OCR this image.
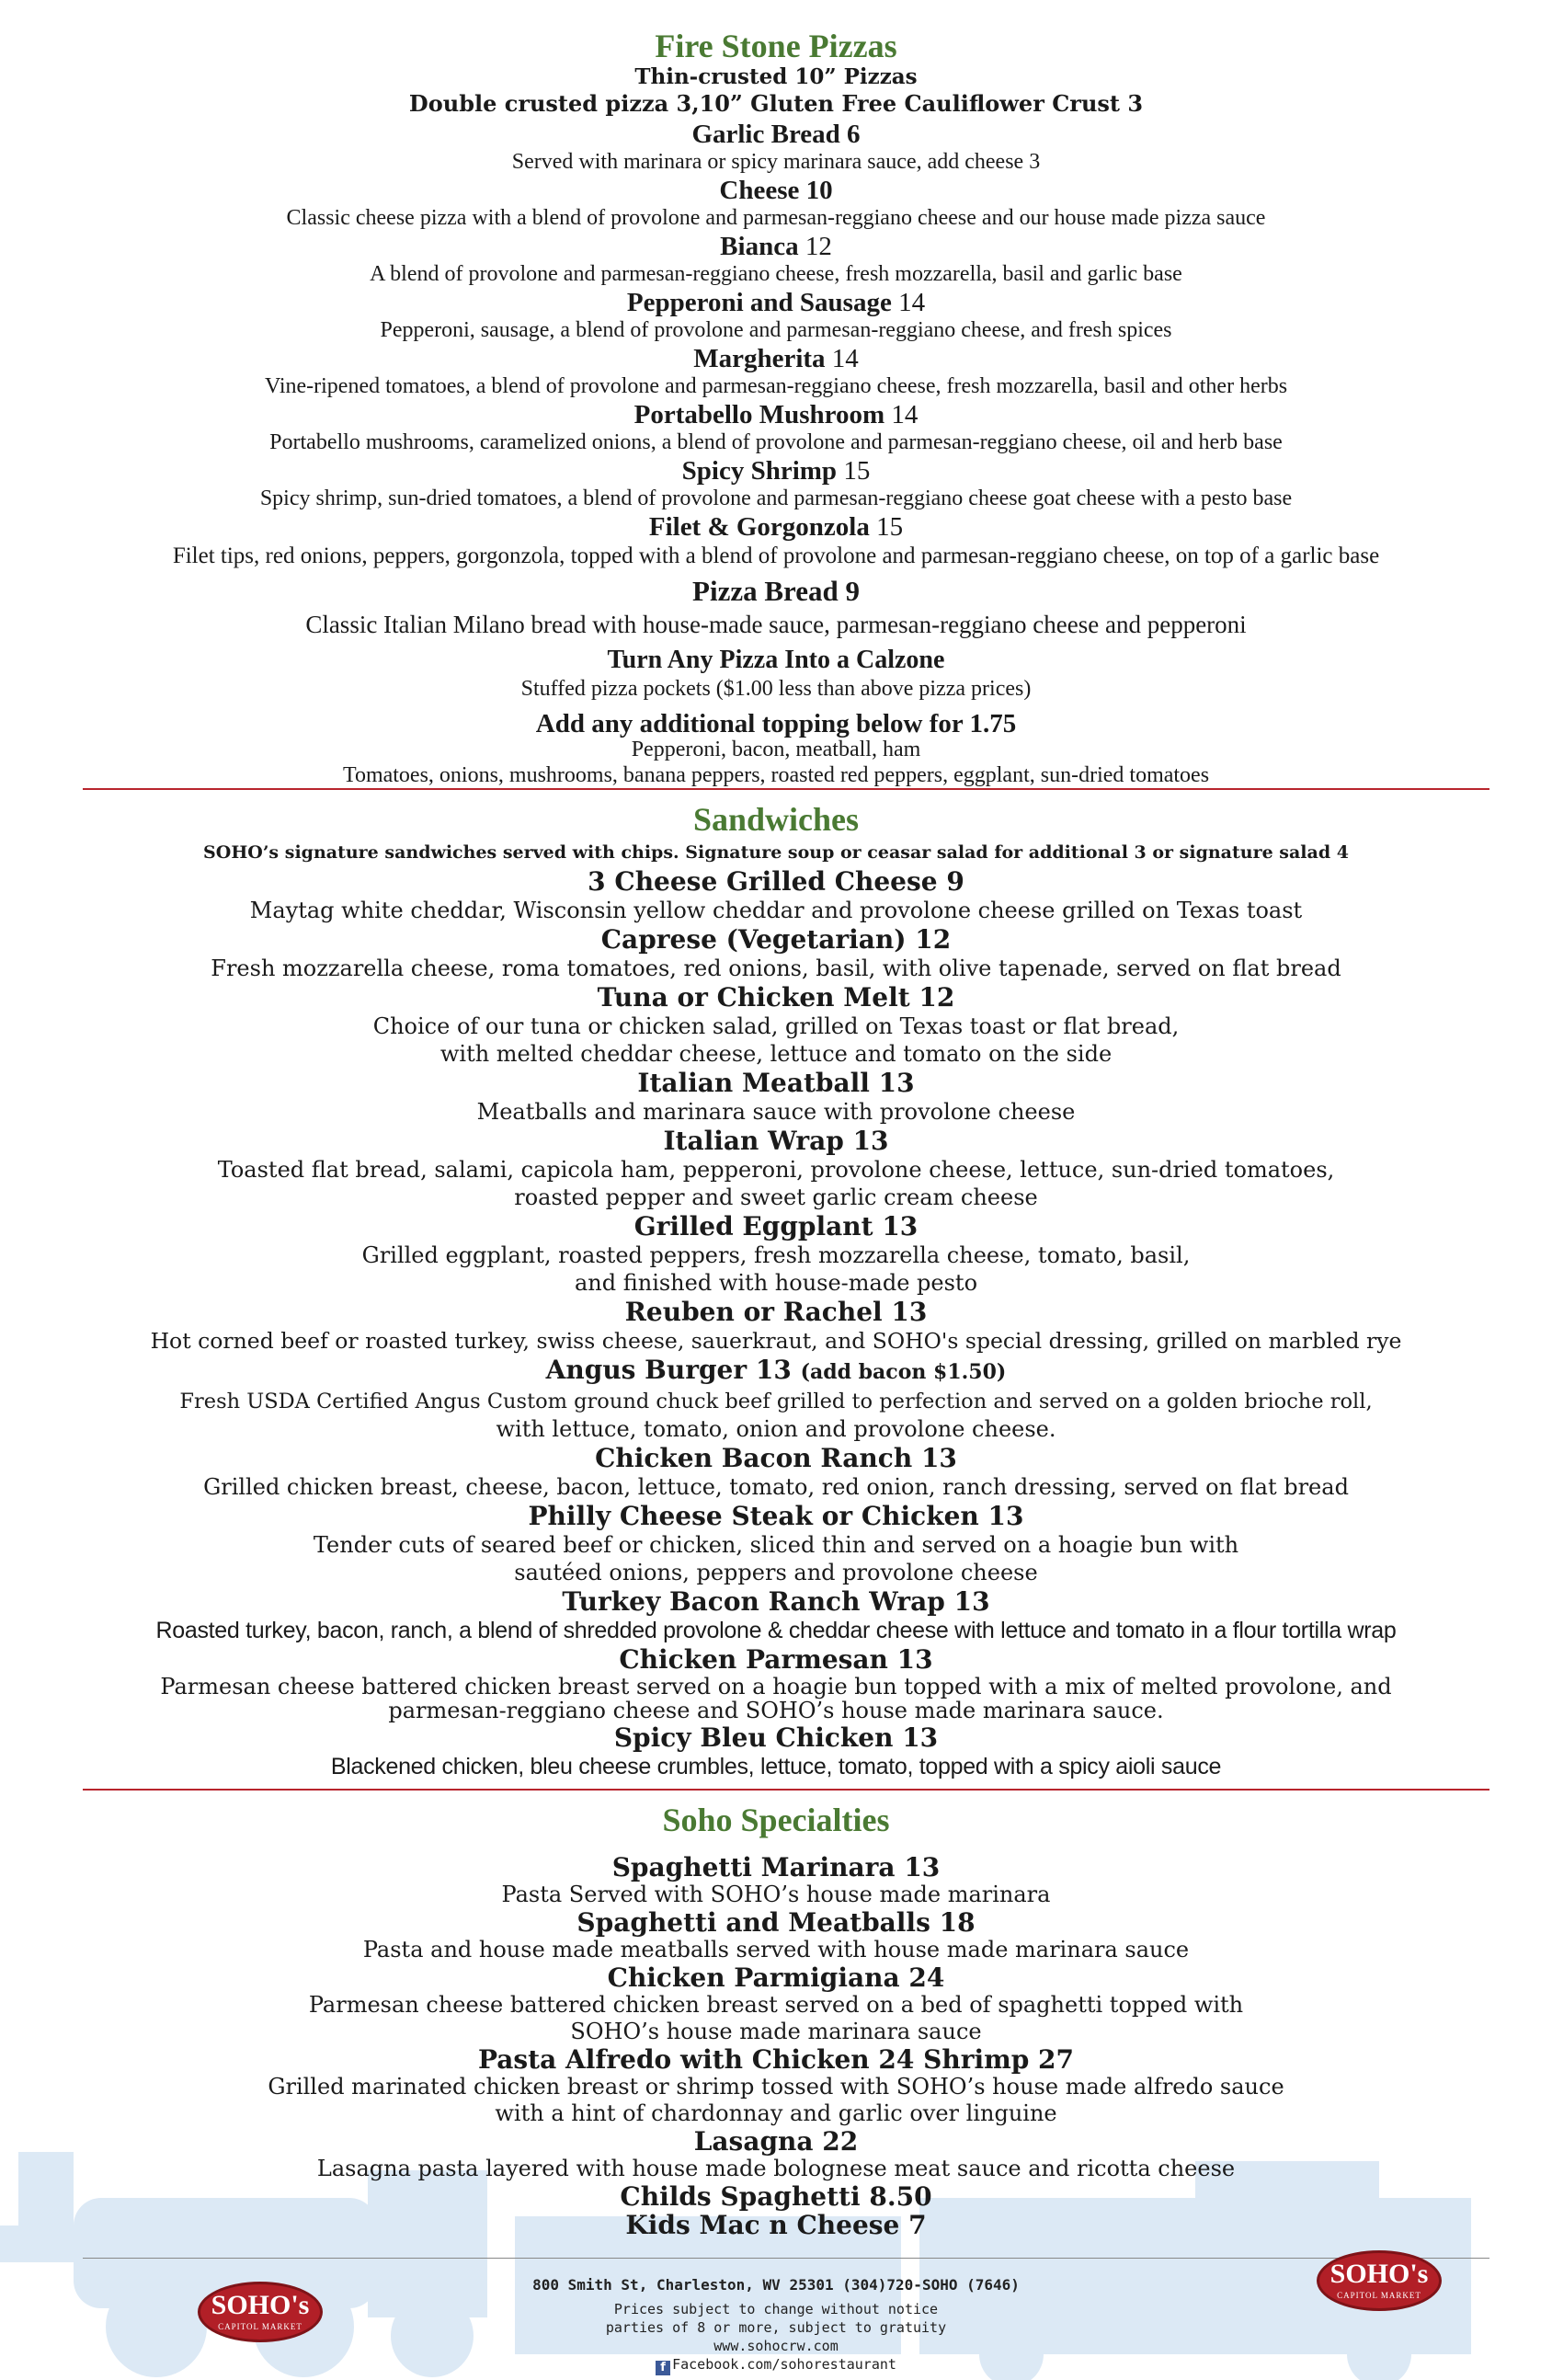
Fire Stone Pizzas

Thin-crusted 10” Pizzas

Double crusted pizza 3,10” Gluten Free Cauliflower Crust 3

Garlic Bread 6

Served with marinara or spicy marinara sauce, add cheese 3

Cheese 10

Classic cheese pizza with a blend of provolone and parmesan-reggiano cheese and our house made pizza sauce

Bianca 12

A blend of provolone and parmesan-reggiano cheese, fresh mozzarella, basil and garlic base

Pepperoni and Sausage 14

Pepperoni, sausage, a blend of provolone and parmesan-reggiano cheese, and fresh spices

Margherita 14

Vine-ripened tomatoes, a blend of provolone and parmesan-reggiano cheese, fresh mozzarella, basil and other herbs

Portabello Mushroom 14

Portabello mushrooms, caramelized onions, a blend of provolone and parmesan-reggiano cheese, oil and herb base

Spicy Shrimp 15

Spicy shrimp, sun-dried tomatoes, a blend of provolone and parmesan-reggiano cheese goat cheese with a pesto base

Filet & Gorgonzola 15

Filet tips, red onions, peppers, gorgonzola, topped with a blend of provolone and parmesan-reggiano cheese, on top of a garlic base

Pizza Bread 9

Classic Italian Milano bread with house-made sauce, parmesan-reggiano cheese and pepperoni

Turn Any Pizza Into a Calzone

Stuffed pizza pockets ($1.00 less than above pizza prices)

Add any additional topping below for 1.75

Pepperoni, bacon, meatball, ham

Tomatoes, onions, mushrooms, banana peppers, roasted red peppers, eggplant, sun-dried tomatoes

Sandwiches

SOHO’s signature sandwiches served with chips. Signature soup or ceasar salad for additional 3 or signature salad 4

3 Cheese Grilled Cheese 9

Maytag white cheddar, Wisconsin yellow cheddar and provolone cheese grilled on Texas toast

Caprese (Vegetarian) 12

Fresh mozzarella cheese, roma tomatoes, red onions, basil, with olive tapenade, served on flat bread

Tuna or Chicken Melt 12

Choice of our tuna or chicken salad, grilled on Texas toast or flat bread,

with melted cheddar cheese, lettuce and tomato on the side

Italian Meatball 13

Meatballs and marinara sauce with provolone cheese

Italian Wrap 13

Toasted flat bread, salami, capicola ham, pepperoni, provolone cheese, lettuce, sun-dried tomatoes,

roasted pepper and sweet garlic cream cheese

Grilled Eggplant 13

Grilled eggplant, roasted peppers, fresh mozzarella cheese, tomato, basil,

and finished with house-made pesto

Reuben or Rachel 13

Hot corned beef or roasted turkey, swiss cheese, sauerkraut, and SOHO's special dressing, grilled on marbled rye

Angus Burger 13 (add bacon $1.50)

Fresh USDA Certified Angus Custom ground chuck beef grilled to perfection and served on a golden brioche roll,

with lettuce, tomato, onion and provolone cheese.

Chicken Bacon Ranch 13

Grilled chicken breast, cheese, bacon, lettuce, tomato, red onion, ranch dressing, served on flat bread

Philly Cheese Steak or Chicken 13

Tender cuts of seared beef or chicken, sliced thin and served on a hoagie bun with

sautéed onions, peppers and provolone cheese

Turkey Bacon Ranch Wrap 13

Roasted turkey, bacon, ranch, a blend of shredded provolone & cheddar cheese with lettuce and tomato in a flour tortilla wrap

Chicken Parmesan 13

Parmesan cheese battered chicken breast served on a hoagie bun topped with a mix of melted provolone, and

parmesan-reggiano cheese and SOHO’s house made marinara sauce.

Spicy Bleu Chicken 13

Blackened chicken, bleu cheese crumbles, lettuce, tomato, topped with a spicy aioli sauce

Soho Specialties

Spaghetti Marinara 13

Pasta Served with SOHO’s house made marinara

Spaghetti and Meatballs 18

Pasta and house made meatballs served with house made marinara sauce

Chicken Parmigiana 24

Parmesan cheese battered chicken breast served on a bed of spaghetti topped with

SOHO’s house made marinara sauce

Pasta Alfredo with Chicken 24 Shrimp 27

Grilled marinated chicken breast or shrimp tossed with SOHO’s house made alfredo sauce

with a hint of chardonnay and garlic over linguine

Lasagna 22

Lasagna pasta layered with house made bolognese meat sauce and ricotta cheese

Childs Spaghetti 8.50

Kids Mac n Cheese 7

SOHO's
CAPITOL MARKET
800 Smith St, Charleston, WV 25301 (304)720-SOHO (7646)
Prices subject to change without notice
parties of 8 or more, subject to gratuity
www.sohocrw.com
f Facebook.com/sohorestaurant
SOHO's
CAPITOL MARKET
